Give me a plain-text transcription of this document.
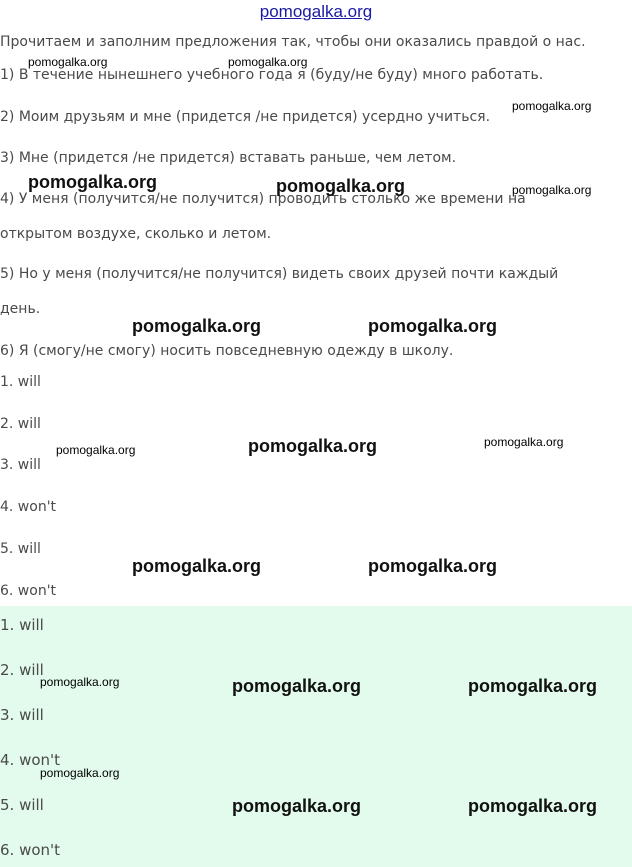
pomogalka.org
Прочитаем и заполним предложения так, чтобы они оказались правдой о нас.
1) В течение нынешнего учебного года я (буду/не буду) много работать.
2) Моим друзьям и мне (придется /не придется) усердно учиться.
3) Мне (придется /не придется) вставать раньше, чем летом.
4) У меня (получится/не получится) проводить столько же времени на
открытом воздухе, сколько и летом.
5) Но у меня (получится/не получится) видеть своих друзей почти каждый
день.
6) Я (смогу/не смогу) носить повседневную одежду в школу.
1. will
2. will
3. will
4. won't
5. will
6. won't
1. will
2. will
3. will
4. won't
5. will
6. won't
pomogalka.org	pomogalka.org
pomogalka.org
pomogalka.org	pomogalka.org	pomogalka.org
pomogalka.org	pomogalka.org
pomogalka.org	pomogalka.org	pomogalka.org
pomogalka.org	pomogalka.org
pomogalka.org	pomogalka.org	pomogalka.org
pomogalka.org
pomogalka.org	pomogalka.org
